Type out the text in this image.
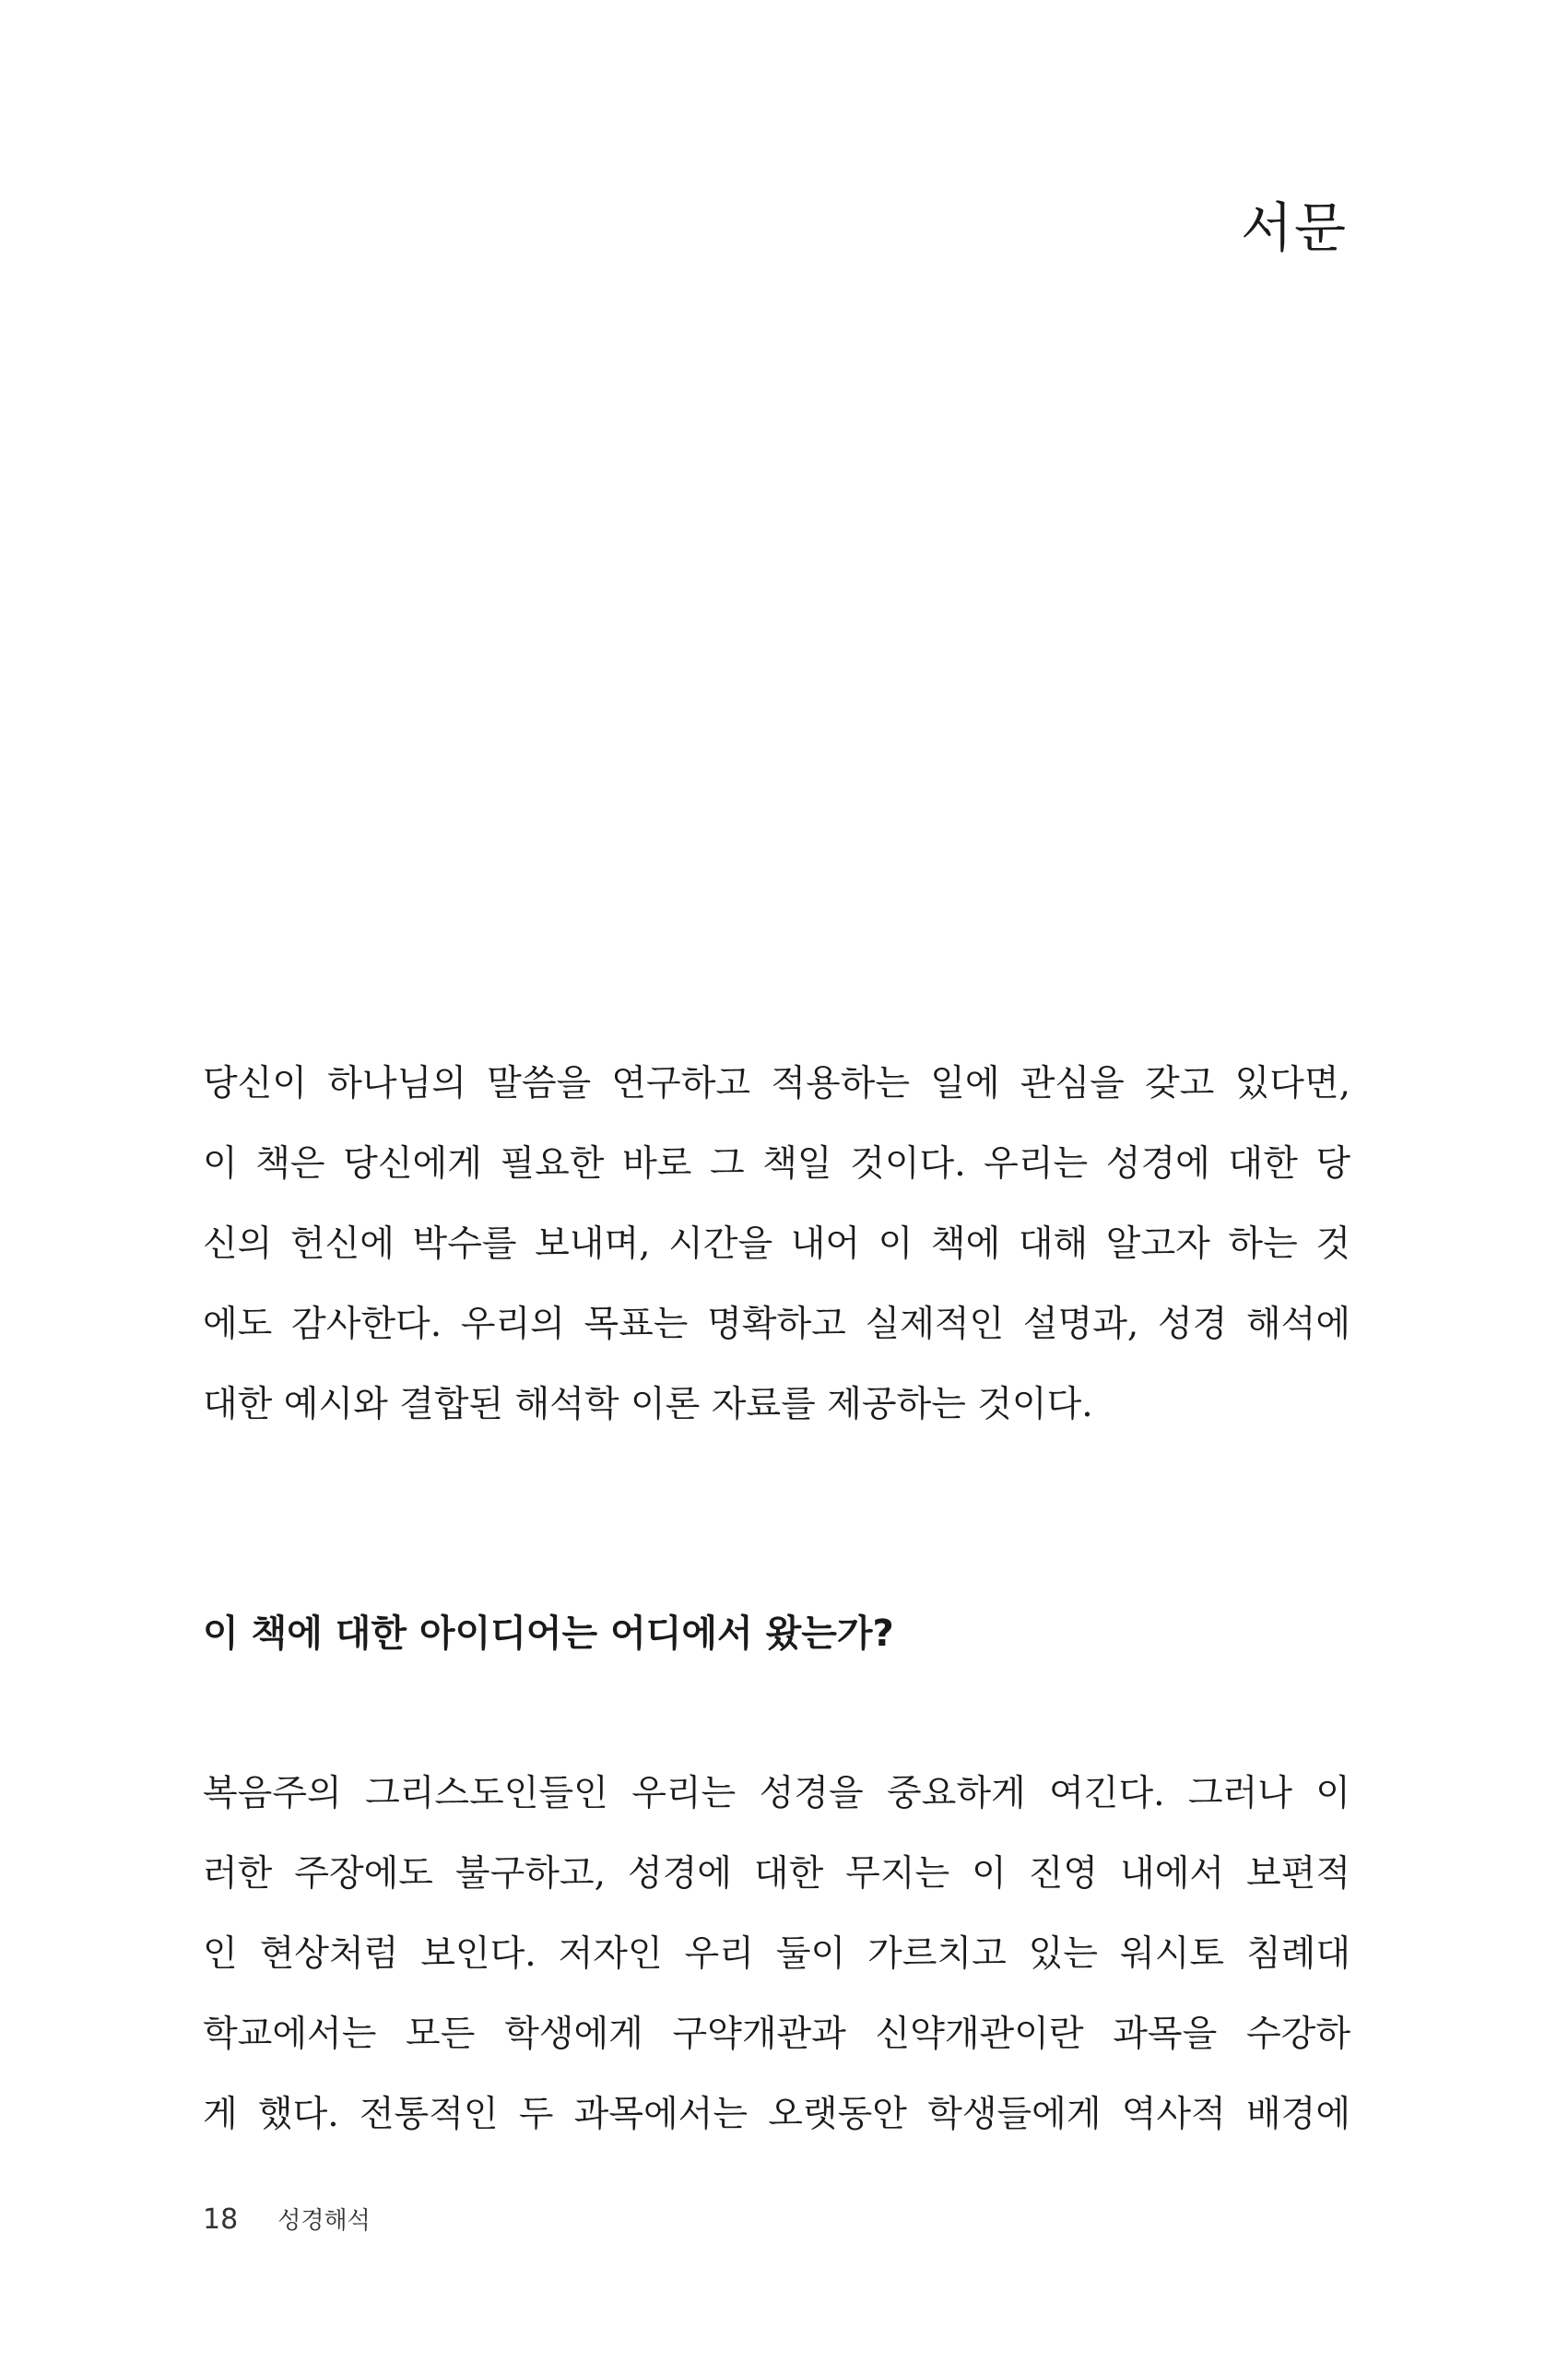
서문
당신이 하나님의 말씀을 연구하고 적용하는 일에 관심을 갖고 있다면,
이 책은 당신에게 필요한 바로 그 책일 것이다. 우리는 성경에 대한 당
신의 헌신에 박수를 보내며, 시간을 내어 이 책에 대해 알고자 하는 것
에도 감사한다. 우리의 목표는 명확하고 실제적인 설명과, 성경 해석에
대한 예시와 결합된 해석학 이론 자료를 제공하는 것이다.
이 책에 대한 아이디어는 어디에서 왔는가?
복음주의 그리스도인들인 우리는 성경을 중요하게 여긴다. 그러나 이
러한 주장에도 불구하고, 성경에 대한 무지는 이 진영 내에서 보편적
인 현상처럼 보인다. 저자인 우리 둘이 가르치고 있는 워시토 침례대
학교에서는 모든 학생에게 구약개관과 신약개관이란 과목을 수강하
게 했다. 전통적인 두 과목에서는 오랫동안 학생들에게 역사적 배경에
18 성경해석
